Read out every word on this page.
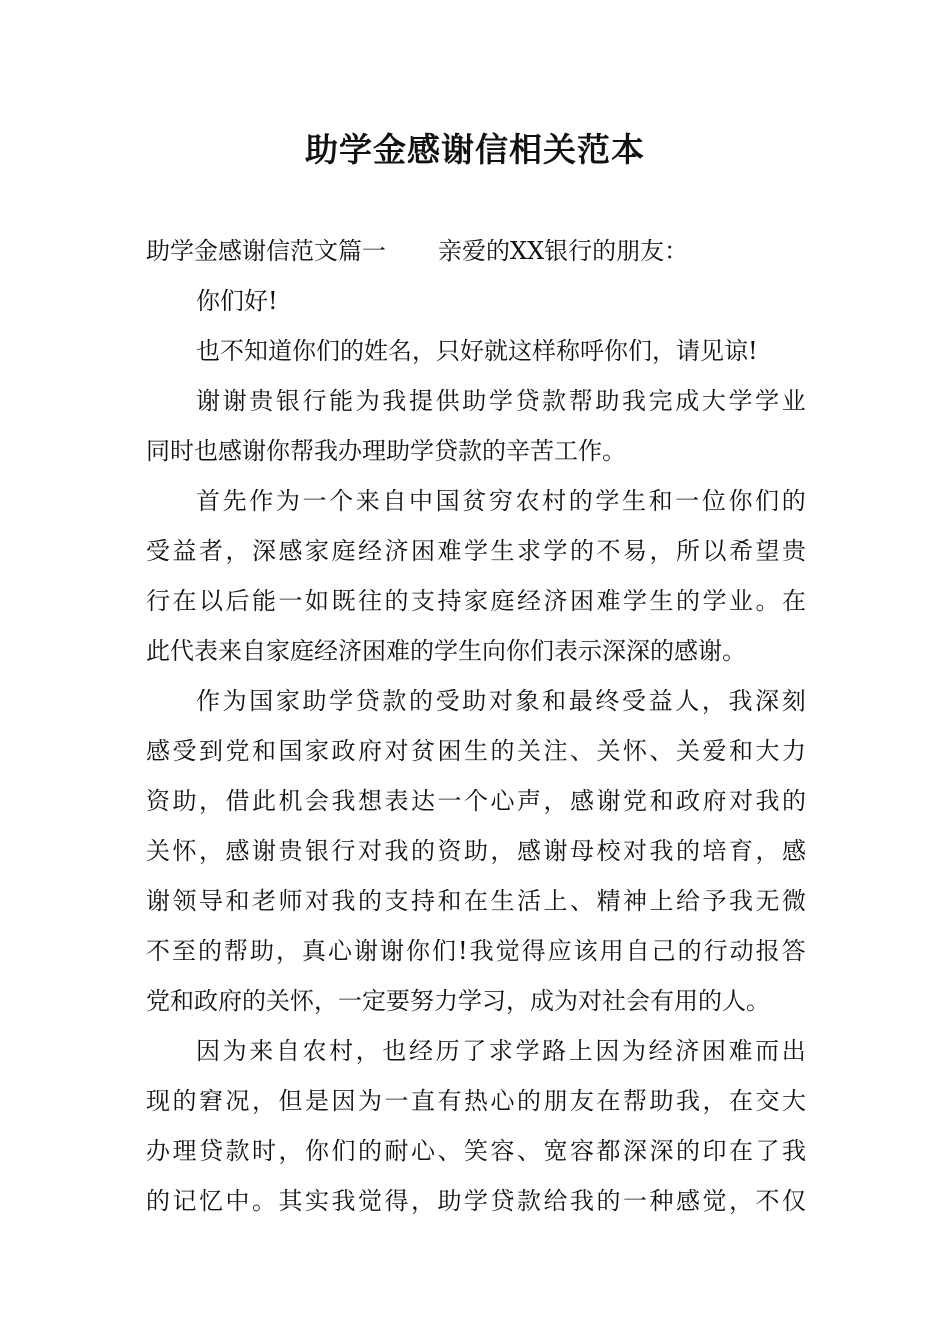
助学金感谢信相关范本
助学金感谢信范文篇一 亲爱的XX银行的朋友：
你们好!
也不知道你们的姓名，只好就这样称呼你们，请见谅!
谢 谢 贵 银 行 能 为 我 提 供 助 学 贷 款 帮 助 我 完 成 大 学 学 业
同时也感谢你帮我办理助学贷款的辛苦工作。
首 先 作 为 一 个 来 自 中 国 贫 穷 农 村 的 学 生 和 一 位 你 们 的
受 益 者 ， 深 感 家 庭 经 济 困 难 学 生 求 学 的 不 易 ， 所 以 希 望 贵
行 在 以 后 能 一 如 既 往 的 支 持 家 庭 经 济 困 难 学 生 的 学 业 。 在
此代表来自家庭经济困难的学生向你们表示深深的感谢。
作 为 国 家 助 学 贷 款 的 受 助 对 象 和 最 终 受 益 人 ， 我 深 刻
感 受 到 党 和 国 家 政 府 对 贫 困 生 的 关 注 、 关 怀 、 关 爱 和 大 力
资 助 ， 借 此 机 会 我 想 表 达 一 个 心 声 ， 感 谢 党 和 政 府 对 我 的
关 怀 ， 感 谢 贵 银 行 对 我 的 资 助 ， 感 谢 母 校 对 我 的 培 育 ， 感
谢 领 导 和 老 师 对 我 的 支 持 和 在 生 活 上 、 精 神 上 给 予 我 无 微
不 至 的 帮 助 ， 真 心 谢 谢 你 们 ! 我 觉 得 应 该 用 自 己 的 行 动 报 答
党和政府的关怀，一定要努力学习，成为对社会有用的人。
因 为 来 自 农 村 ， 也 经 历 了 求 学 路 上 因 为 经 济 困 难 而 出
现 的 窘 况 ， 但 是 因 为 一 直 有 热 心 的 朋 友 在 帮 助 我 ， 在 交 大
办 理 贷 款 时 ， 你 们 的 耐 心 、 笑 容 、 宽 容 都 深 深 的 印 在 了 我
的 记 忆 中 。 其 实 我 觉 得 ， 助 学 贷 款 给 我 的 一 种 感 觉 ， 不 仅
